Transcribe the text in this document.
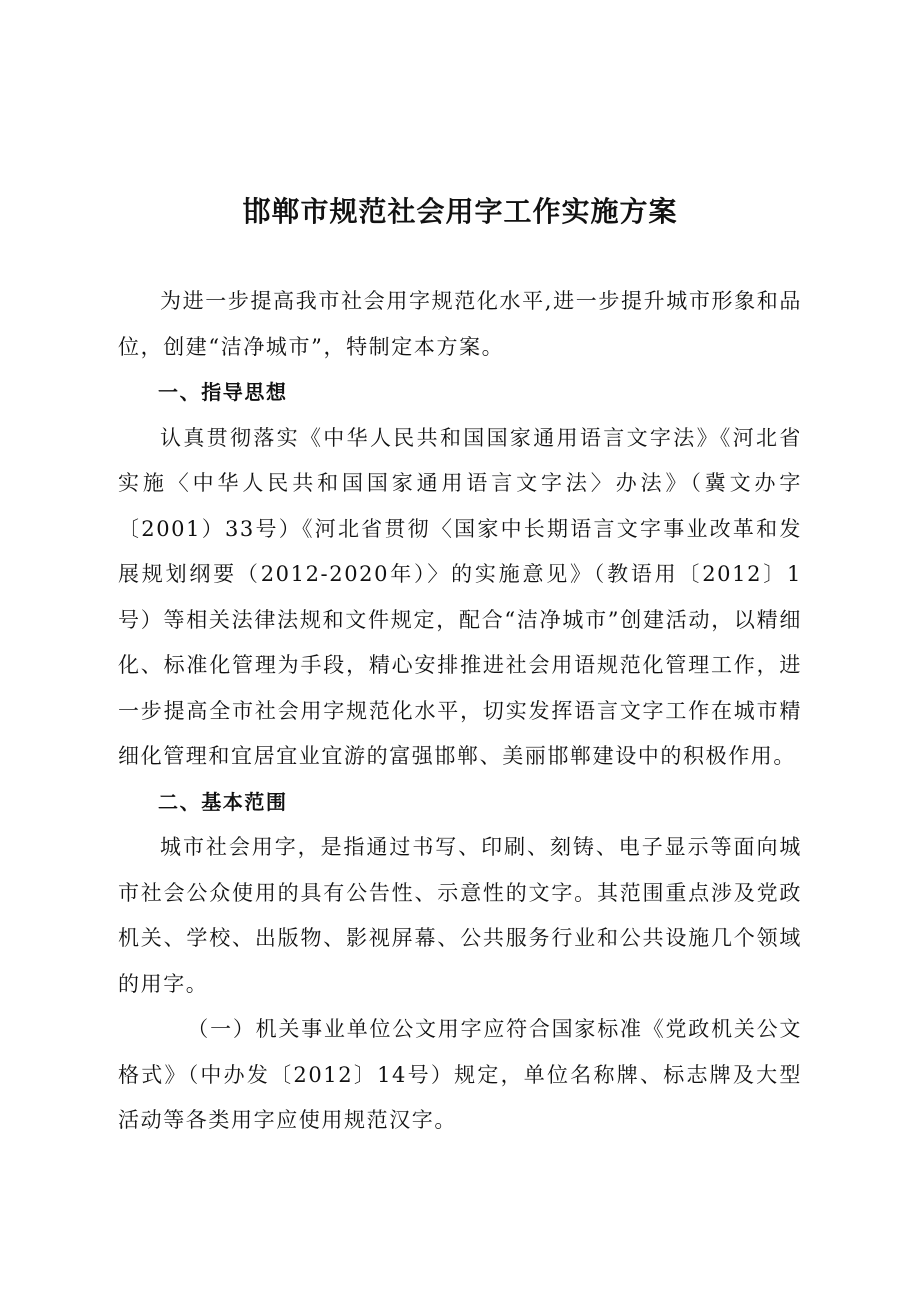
邯郸市规范社会用字工作实施方案

为进一步提高我市社会用字规范化水平,进一步提升城市形象和品位，创建“洁净城市”，特制定本方案。

一、指导思想

认真贯彻落实《中华人民共和国国家通用语言文字法》《河北省实施〈中华人民共和国国家通用语言文字法〉办法》（冀文办字〔2001）33号）《河北省贯彻〈国家中长期语言文字事业改革和发展规划纲要（2012-2020年）〉的实施意见》（教语用〔2012〕1号）等相关法律法规和文件规定，配合“洁净城市”创建活动，以精细化、标准化管理为手段，精心安排推进社会用语规范化管理工作，进一步提高全市社会用字规范化水平，切实发挥语言文字工作在城市精细化管理和宜居宜业宜游的富强邯郸、美丽邯郸建设中的积极作用。

二、基本范围

城市社会用字，是指通过书写、印刷、刻铸、电子显示等面向城市社会公众使用的具有公告性、示意性的文字。其范围重点涉及党政机关、学校、出版物、影视屏幕、公共服务行业和公共设施几个领域的用字。

（一）机关事业单位公文用字应符合国家标准《党政机关公文格式》（中办发〔2012〕14号）规定，单位名称牌、标志牌及大型活动等各类用字应使用规范汉字。
